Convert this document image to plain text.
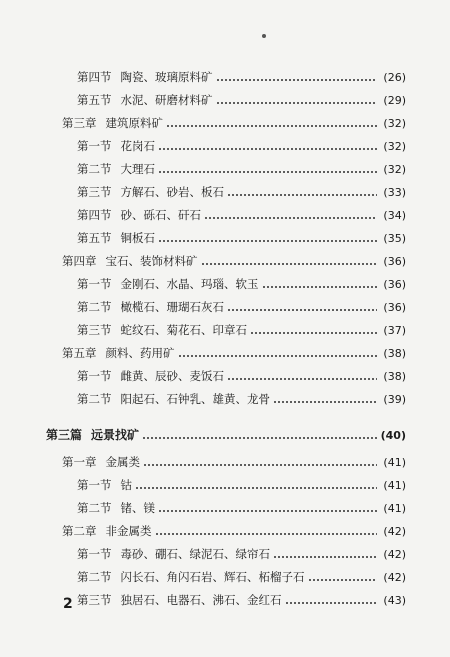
第四节 陶瓷、玻璃原料矿	(26)
第五节 水泥、研磨材料矿	(29)
第三章 建筑原料矿	(32)
第一节 花岗石	(32)
第二节 大理石	(32)
第三节 方解石、砂岩、板石	(33)
第四节 砂、砾石、矸石	(34)
第五节 铜板石	(35)
第四章 宝石、装饰材料矿	(36)
第一节 金刚石、水晶、玛瑙、软玉	(36)
第二节 橄榄石、珊瑚石灰石	(36)
第三节 蛇纹石、菊花石、印章石	(37)
第五章 颜料、药用矿	(38)
第一节 雌黄、辰砂、麦饭石	(38)
第二节 阳起石、石钟乳、雄黄、龙骨	(39)
第三篇 远景找矿	(40)
第一章 金属类	(41)
第一节 钴	(41)
第二节 锗、镁	(41)
第二章 非金属类	(42)
第一节 毒砂、硼石、绿泥石、绿帘石	(42)
第二节 闪长石、角闪石岩、辉石、柘榴子石	(42)
第三节 独居石、电器石、沸石、金红石	(43)
2
